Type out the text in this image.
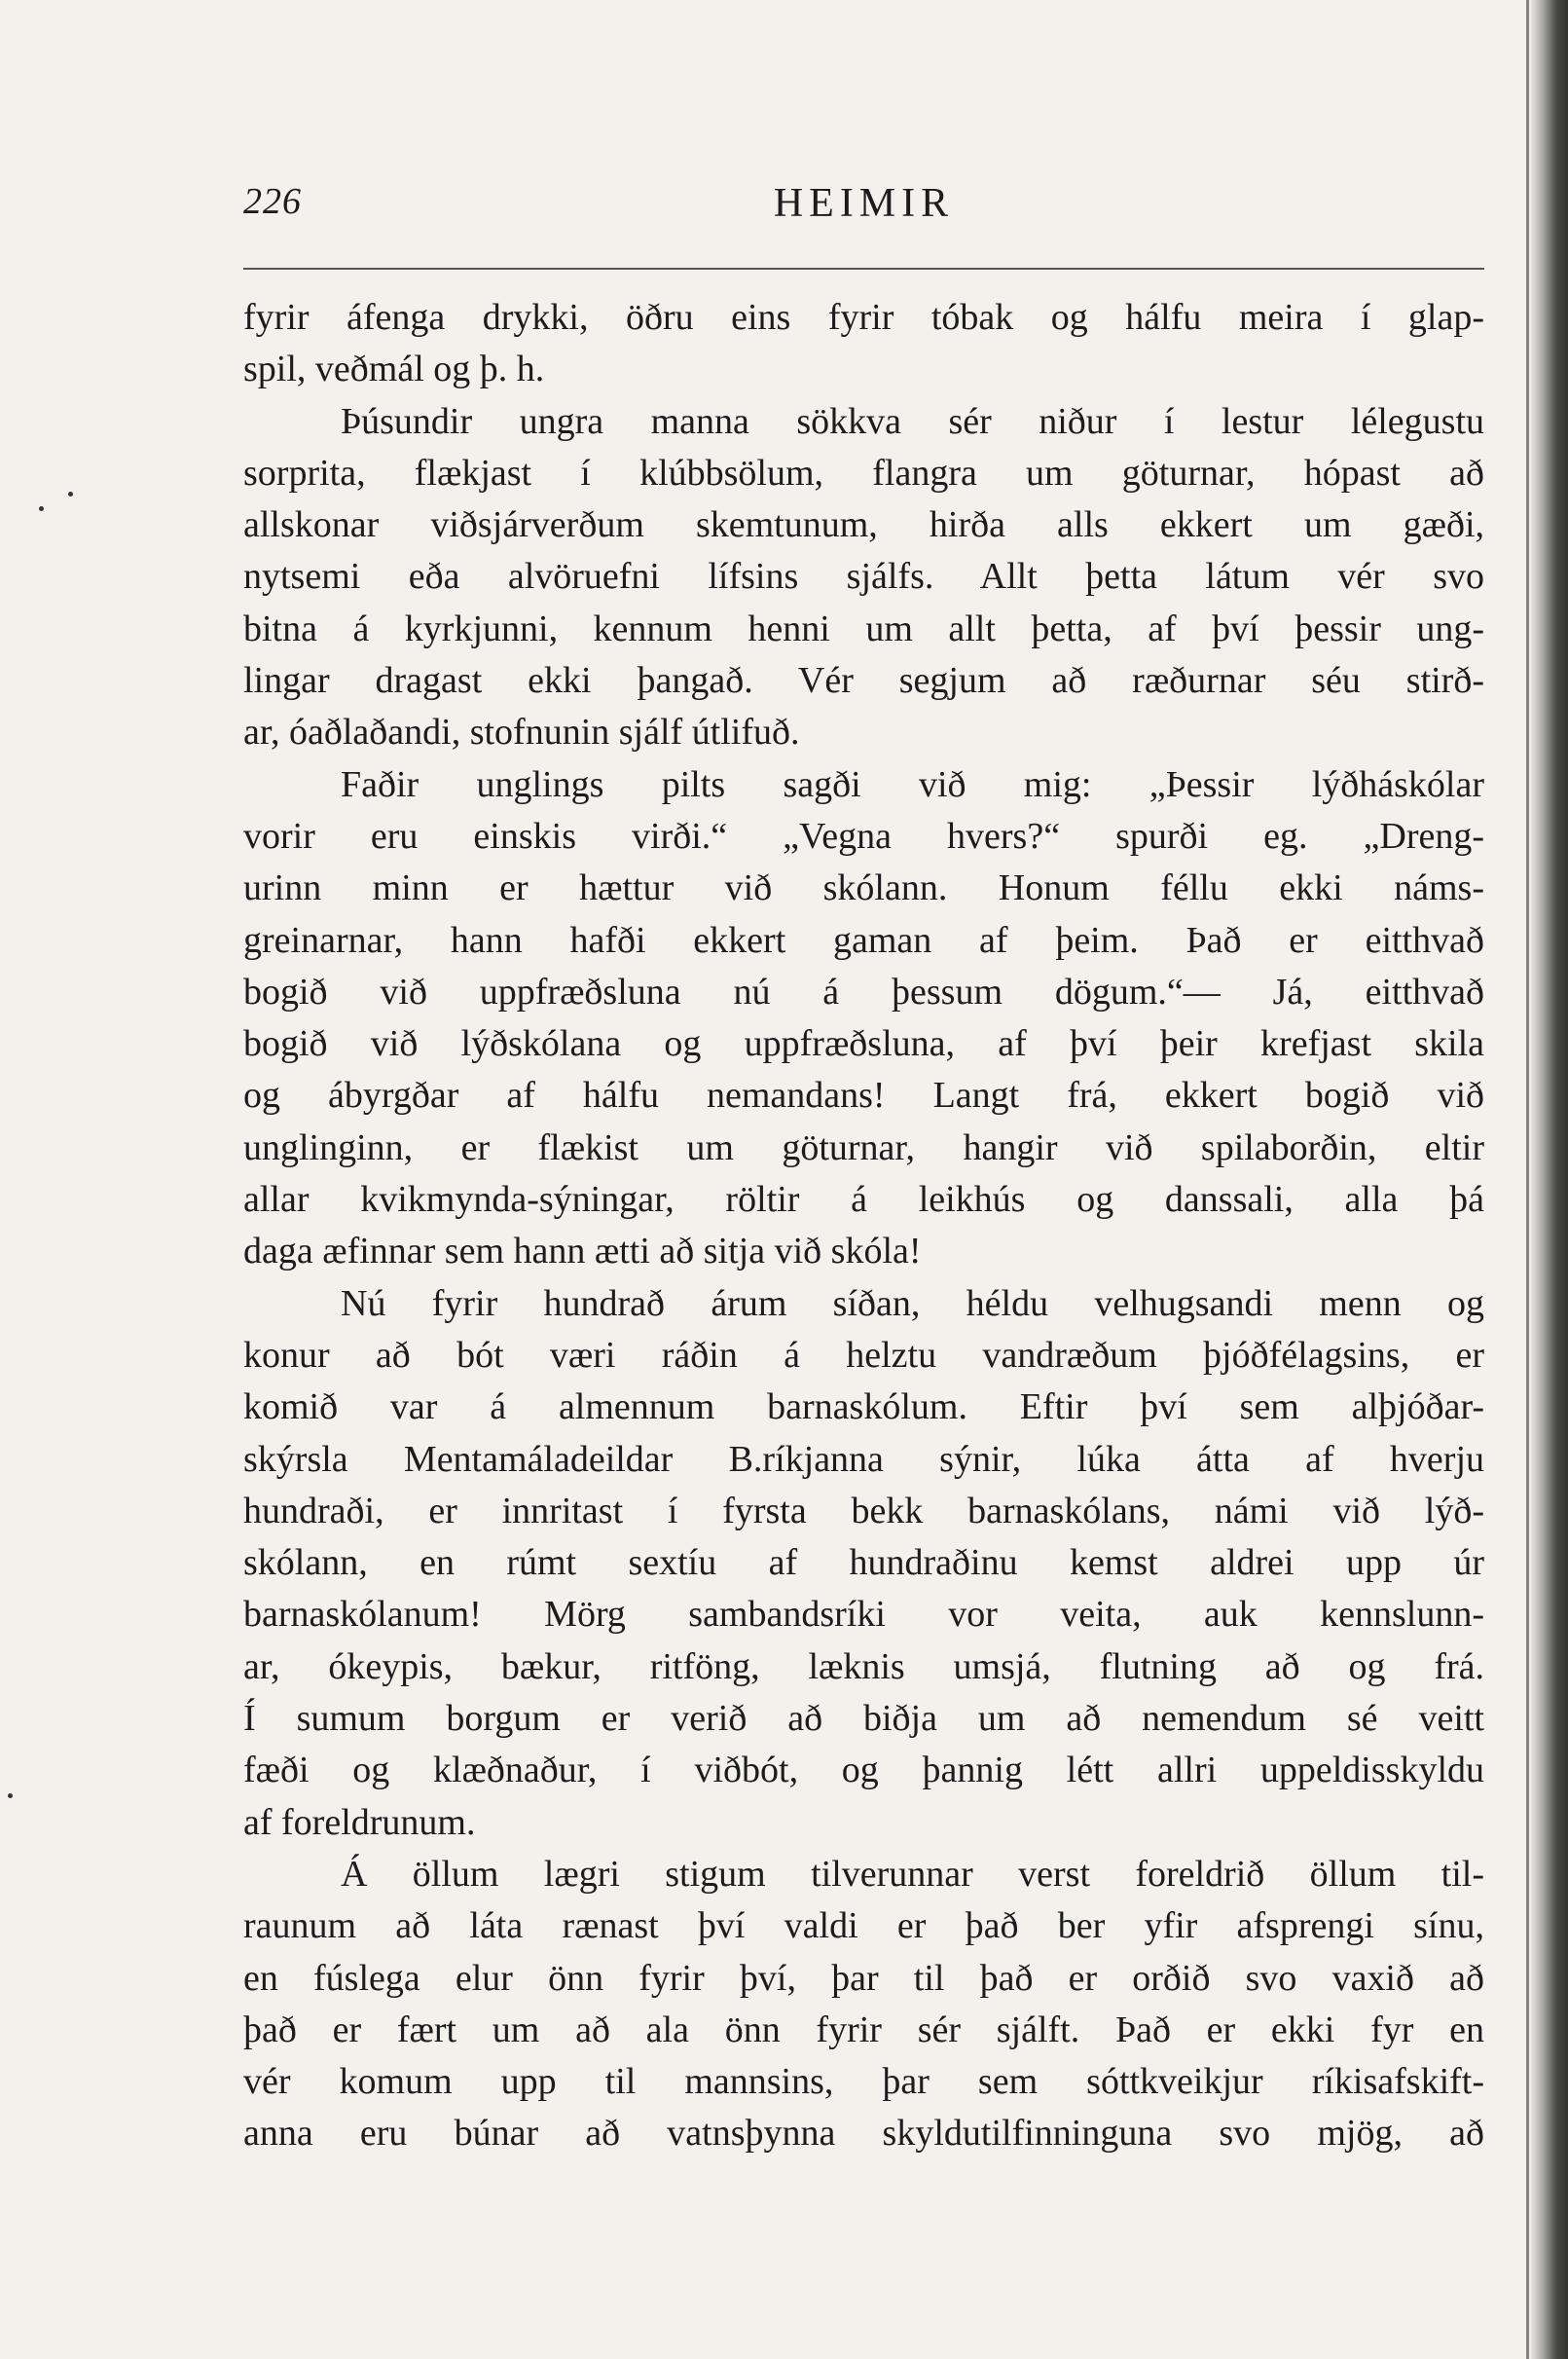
226	HEIMIR
fyrir áfenga drykki, öðru eins fyrir tóbak og hálfu meira í glap-
spil, veðmál og þ. h.
Þúsundir ungra manna sökkva sér niður í lestur lélegustu
sorprita, flækjast í klúbbsölum, flangra um göturnar, hópast að
allskonar viðsjárverðum skemtunum, hirða alls ekkert um gæði,
nytsemi eða alvöruefni lífsins sjálfs. Allt þetta látum vér svo
bitna á kyrkjunni, kennum henni um allt þetta, af því þessir ung-
lingar dragast ekki þangað. Vér segjum að ræðurnar séu stirð-
ar, óaðlaðandi, stofnunin sjálf útlifuð.
Faðir unglings pilts sagði við mig: „Þessir lýðháskólar
vorir eru einskis virði.“ „Vegna hvers?“ spurði eg. „Dreng-
urinn minn er hættur við skólann. Honum féllu ekki náms-
greinarnar, hann hafði ekkert gaman af þeim. Það er eitthvað
bogið við uppfræðsluna nú á þessum dögum.“— Já, eitthvað
bogið við lýðskólana og uppfræðsluna, af því þeir krefjast skila
og ábyrgðar af hálfu nemandans! Langt frá, ekkert bogið við
unglinginn, er flækist um göturnar, hangir við spilaborðin, eltir
allar kvikmynda-sýningar, röltir á leikhús og danssali, alla þá
daga æfinnar sem hann ætti að sitja við skóla!
Nú fyrir hundrað árum síðan, héldu velhugsandi menn og
konur að bót væri ráðin á helztu vandræðum þjóðfélagsins, er
komið var á almennum barnaskólum. Eftir því sem alþjóðar-
skýrsla Mentamáladeildar B.ríkjanna sýnir, lúka átta af hverju
hundraði, er innritast í fyrsta bekk barnaskólans, námi við lýð-
skólann, en rúmt sextíu af hundraðinu kemst aldrei upp úr
barnaskólanum! Mörg sambandsríki vor veita, auk kennslunn-
ar, ókeypis, bækur, ritföng, læknis umsjá, flutning að og frá.
Í sumum borgum er verið að biðja um að nemendum sé veitt
fæði og klæðnaður, í viðbót, og þannig létt allri uppeldisskyldu
af foreldrunum.
Á öllum lægri stigum tilverunnar verst foreldrið öllum til-
raunum að láta rænast því valdi er það ber yfir afsprengi sínu,
en fúslega elur önn fyrir því, þar til það er orðið svo vaxið að
það er fært um að ala önn fyrir sér sjálft. Það er ekki fyr en
vér komum upp til mannsins, þar sem sóttkveikjur ríkisafskift-
anna eru búnar að vatnsþynna skyldutilfinninguna svo mjög, að
